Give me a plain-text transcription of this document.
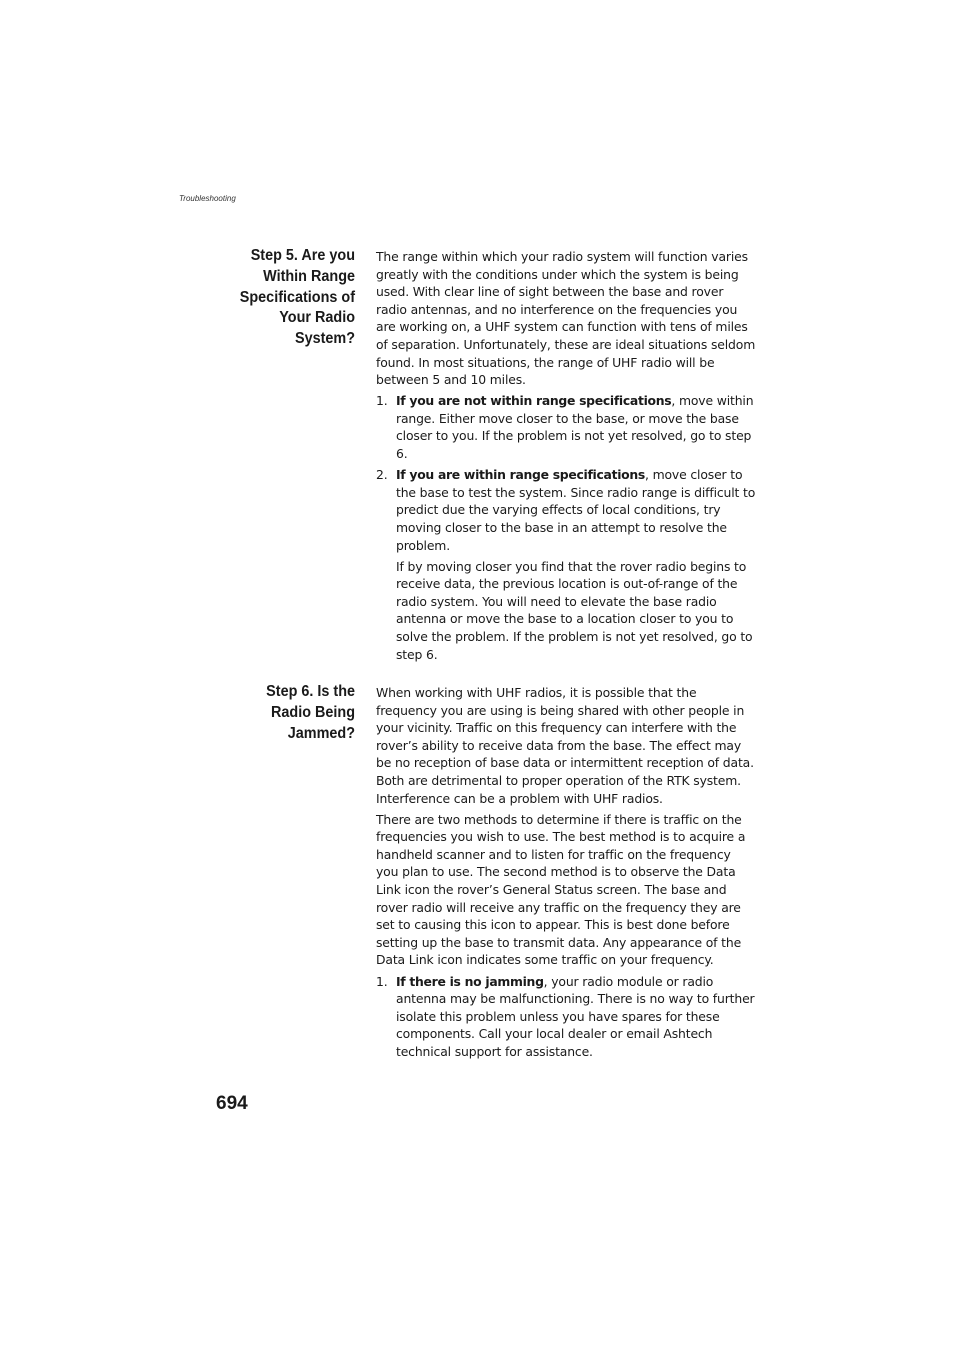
Troubleshooting
Step 5. Are you
Within Range
Specifications of
Your Radio
System?

The range within which your radio system will function varies greatly with the conditions under which the system is being used. With clear line of sight between the base and rover radio antennas, and no interference on the frequencies you are working on, a UHF system can function with tens of miles of separation. Unfortunately, these are ideal situations seldom found. In most situations, the range of UHF radio will be between 5 and 10 miles.

1. If you are not within range specifications, move within range. Either move closer to the base, or move the base closer to you. If the problem is not yet resolved, go to step 6.
2. If you are within range specifications, move closer to the base to test the system. Since radio range is difficult to predict due the varying effects of local conditions, try moving closer to the base in an attempt to resolve the problem.

If by moving closer you find that the rover radio begins to receive data, the previous location is out-of-range of the radio system. You will need to elevate the base radio antenna or move the base to a location closer to you to solve the problem. If the problem is not yet resolved, go to step 6.

Step 6. Is the
Radio Being
Jammed?

When working with UHF radios, it is possible that the frequency you are using is being shared with other people in your vicinity. Traffic on this frequency can interfere with the rover’s ability to receive data from the base. The effect may be no reception of base data or intermittent reception of data. Both are detrimental to proper operation of the RTK system. Interference can be a problem with UHF radios.

There are two methods to determine if there is traffic on the frequencies you wish to use. The best method is to acquire a handheld scanner and to listen for traffic on the frequency you plan to use. The second method is to observe the Data Link icon the rover’s General Status screen. The base and rover radio will receive any traffic on the frequency they are set to causing this icon to appear. This is best done before setting up the base to transmit data. Any appearance of the Data Link icon indicates some traffic on your frequency.

1. If there is no jamming, your radio module or radio antenna may be malfunctioning. There is no way to further isolate this problem unless you have spares for these components. Call your local dealer or email Ashtech technical support for assistance.
694
